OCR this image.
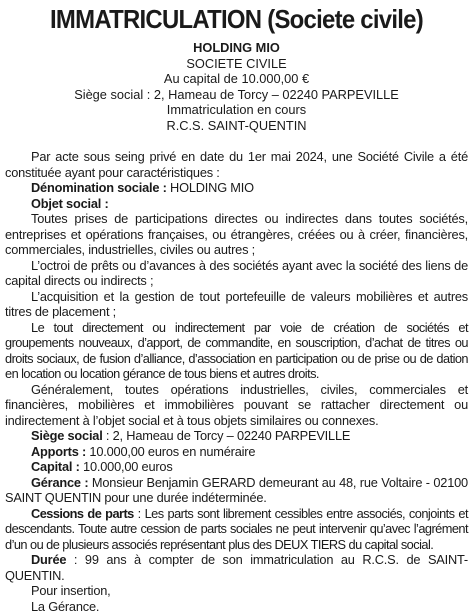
IMMATRICULATION (Societe civile)
HOLDING MIO
SOCIETE CIVILE
Au capital de 10.000,00 €
Siège social : 2, Hameau de Torcy – 02240 PARPEVILLE
Immatriculation en cours
R.C.S. SAINT-QUENTIN

Par acte sous seing privé en date du 1er mai 2024, une Société Civile a été constituée ayant pour caractéristiques :

Dénomination sociale : HOLDING MIO

Objet social :

Toutes prises de participations directes ou indirectes dans toutes sociétés, entreprises et opérations françaises, ou étrangères, créées ou à créer, financières, commerciales, industrielles, civiles ou autres ;

L’octroi de prêts ou d’avances à des sociétés ayant avec la société des liens de capital directs ou indirects ;

L’acquisition et la gestion de tout portefeuille de valeurs mobilières et autres titres de placement ;

Le tout directement ou indirectement par voie de création de sociétés et groupements nouveaux, d’apport, de commandite, en souscription, d’achat de titres ou droits sociaux, de fusion d’alliance, d’association en participation ou de prise ou de dation en location ou location gérance de tous biens et autres droits.

Généralement, toutes opérations industrielles, civiles, commerciales et financières, mobilières et immobilières pouvant se rattacher directement ou indirectement à l’objet social et à tous objets similaires ou connexes.

Siège social : 2, Hameau de Torcy – 02240 PARPEVILLE

Apports : 10.000,00 euros en numéraire

Capital : 10.000,00 euros

Gérance : Monsieur Benjamin GERARD demeurant au 48, rue Voltaire - 02100 SAINT QUENTIN pour une durée indéterminée.

Cessions de parts : Les parts sont librement cessibles entre associés, conjoints et descendants. Toute autre cession de parts sociales ne peut intervenir qu’avec l’agrément d’un ou de plusieurs associés représentant plus des DEUX TIERS du capital social.

Durée : 99 ans à compter de son immatriculation au R.C.S. de SAINT-QUENTIN.

Pour insertion,

La Gérance.
